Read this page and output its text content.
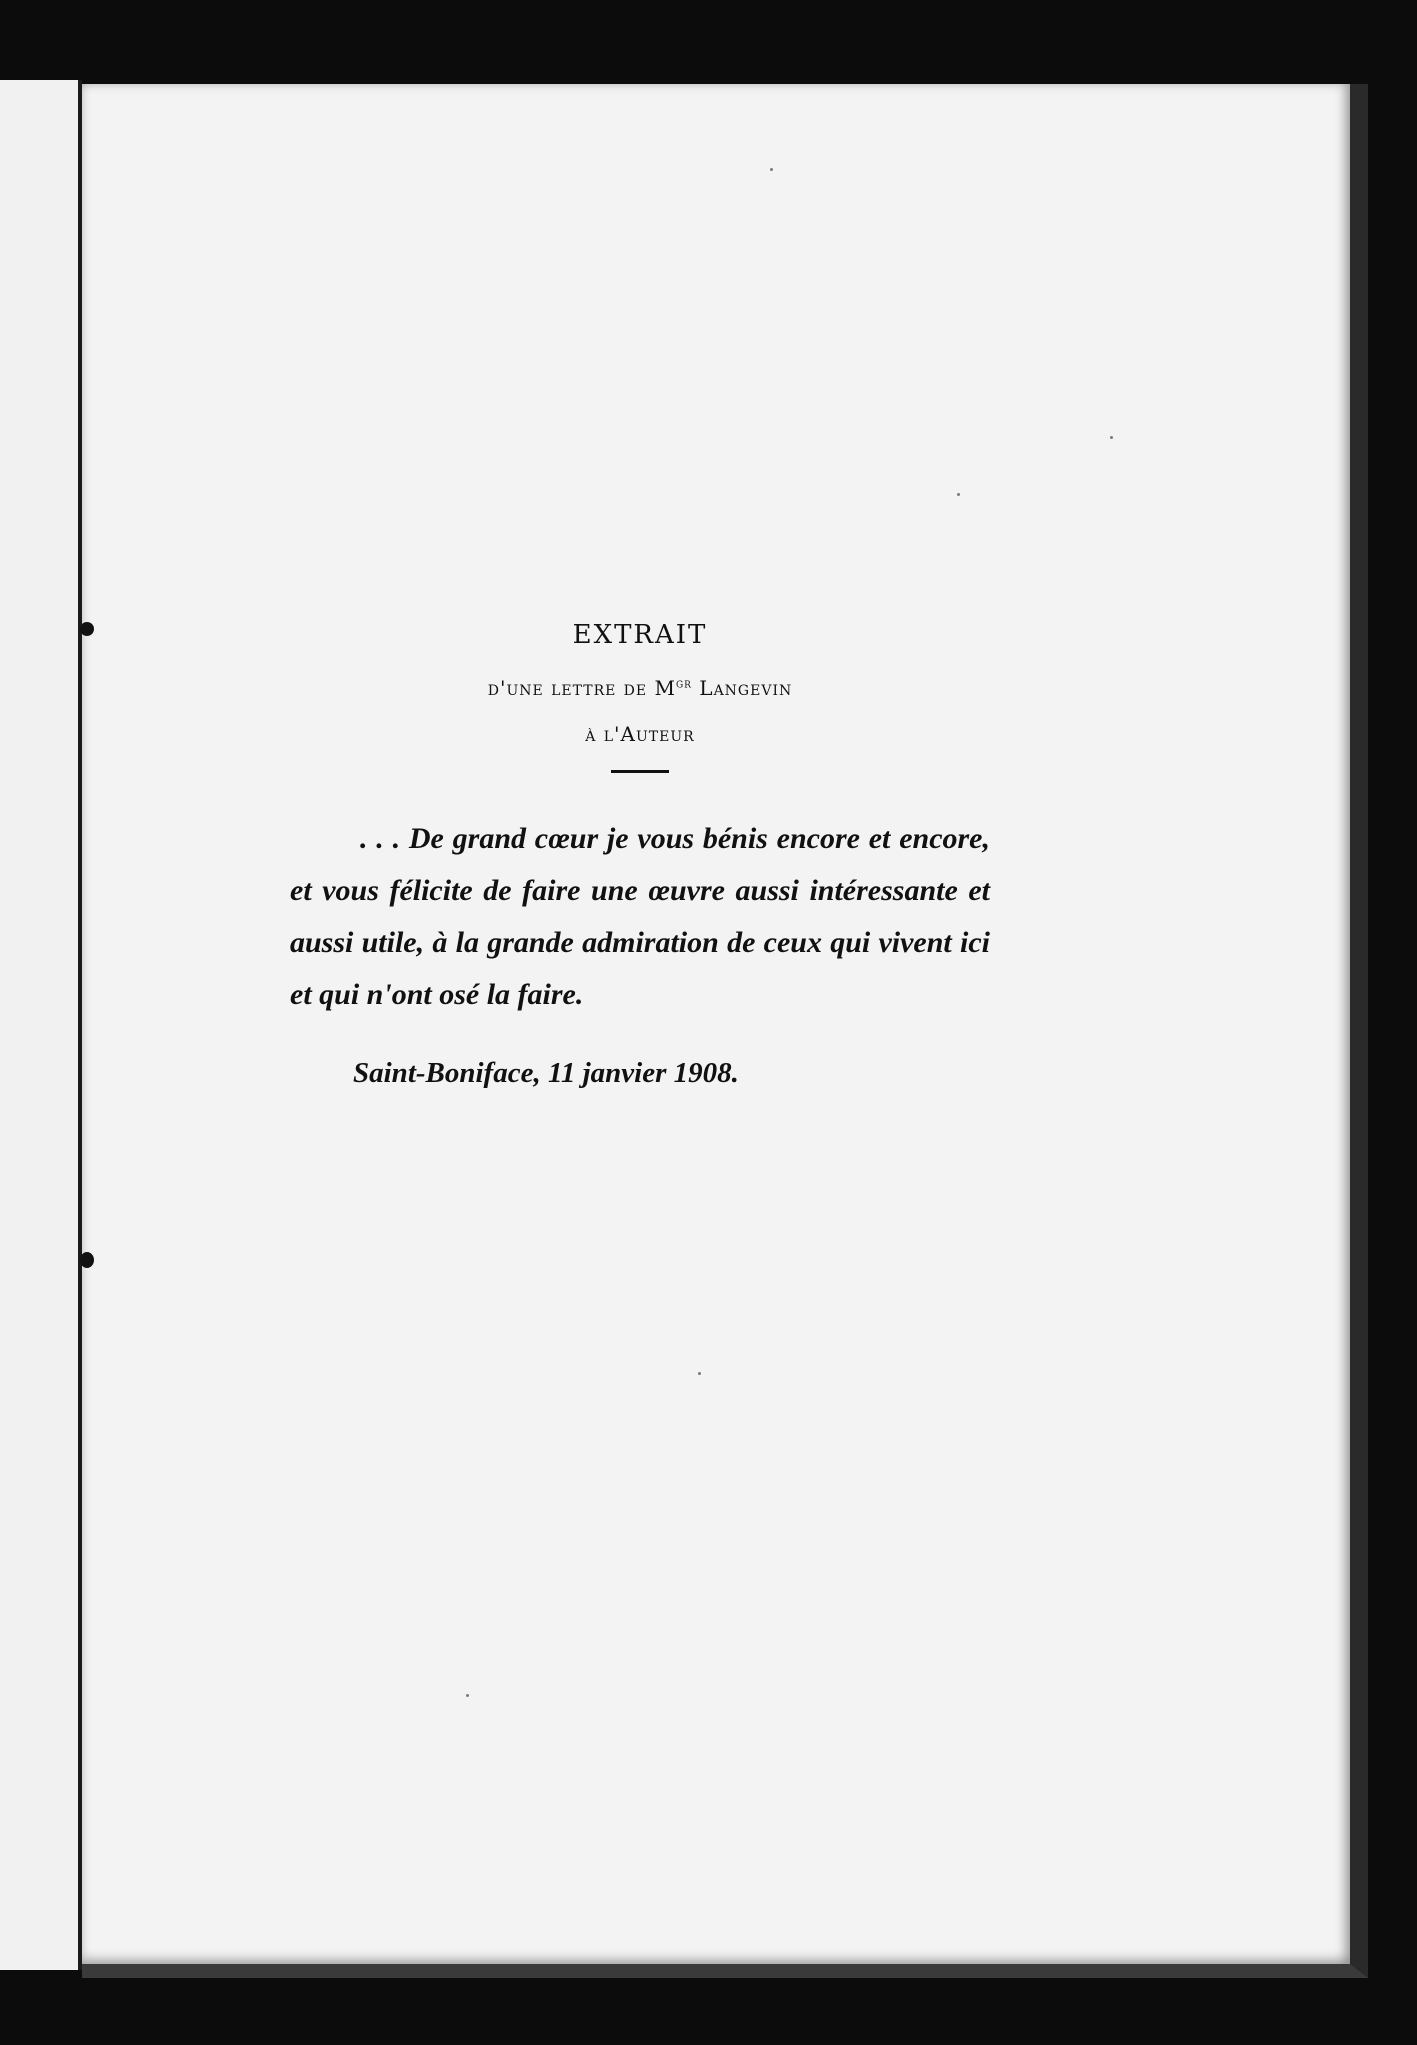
EXTRAIT
d'une lettre de $M^{gr}$ Langevin
à l'Auteur

. . . De grand cœur je vous bénis encore et encore, et vous félicite de faire une œuvre aussi intéressante et aussi utile, à la grande admiration de ceux qui vivent ici et qui n'ont osé la faire.

Saint-Boniface, 11 janvier 1908.
